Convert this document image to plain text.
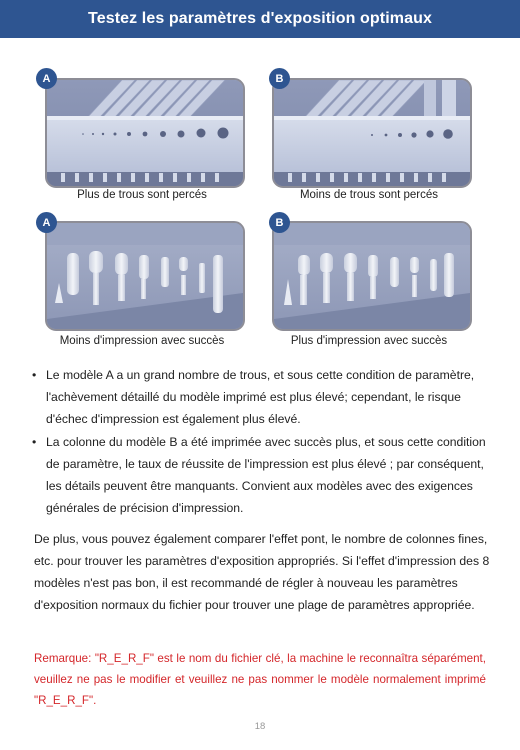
Testez les paramètres d'exposition optimaux
A
Plus de trous sont percés
B
Moins de trous sont percés
A
Moins d'impression avec succès
B
Plus d'impression avec succès
• Le modèle A a un grand nombre de trous, et sous cette condition de paramètre, l'achèvement détaillé du modèle imprimé est plus élevé; cependant, le risque d'échec d'impression est également plus élevé.
• La colonne du modèle B a été imprimée avec succès plus, et sous cette condition de paramètre, le taux de réussite de l'impression est plus élevé ; par conséquent, les détails peuvent être manquants. Convient aux modèles avec des exigences générales de précision d'impression.

De plus, vous pouvez également comparer l'effet pont, le nombre de colonnes fines, etc. pour trouver les paramètres d'exposition appropriés. Si l'effet d'impression des 8 modèles n'est pas bon, il est recommandé de régler à nouveau les paramètres d'exposition normaux du fichier pour trouver une plage de paramètres appropriée.

Remarque: "R_E_R_F" est le nom du fichier clé, la machine le reconnaîtra séparément, veuillez ne pas le modifier et veuillez ne pas nommer le modèle normalement imprimé "R_E_R_F".

18
